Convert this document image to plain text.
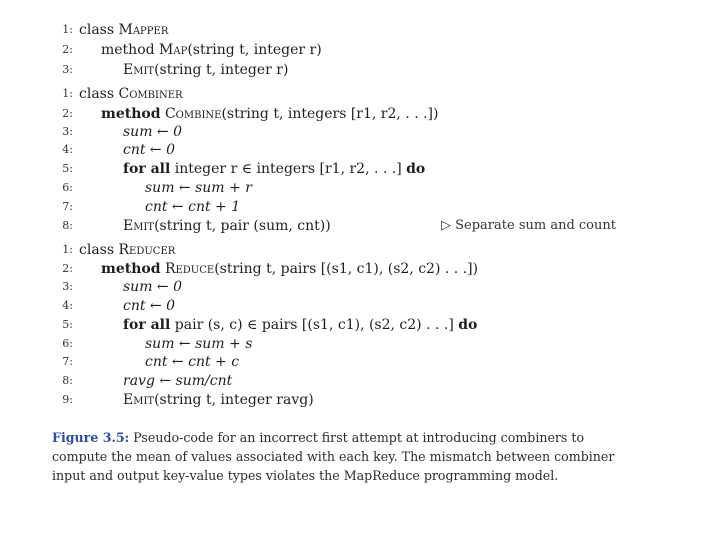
1: class Mapper
2: method Map(string t, integer r)
3:	Emit(string t, integer r)
1: class Combiner
2: method Combine(string t, integers [r1, r2, . . .])
3:	sum ← 0
4:	cnt ← 0
5:	for all integer r ∈ integers [r1, r2, . . .] do
6:	sum ← sum + r
7:	cnt ← cnt + 1
8:	Emit(string t, pair (sum, cnt))	▷ Separate sum and count
1: class Reducer
2: method Reduce(string t, pairs [(s1, c1), (s2, c2) . . .])
3:	sum ← 0
4:	cnt ← 0
5:	for all pair (s, c) ∈ pairs [(s1, c1), (s2, c2) . . .] do
6:	sum ← sum + s
7:	cnt ← cnt + c
8:	ravg ← sum/cnt
9:	Emit(string t, integer ravg)
Figure 3.5: Pseudo-code for an incorrect first attempt at introducing combiners to compute the mean of values associated with each key. The mismatch between combiner input and output key-value types violates the MapReduce programming model.
